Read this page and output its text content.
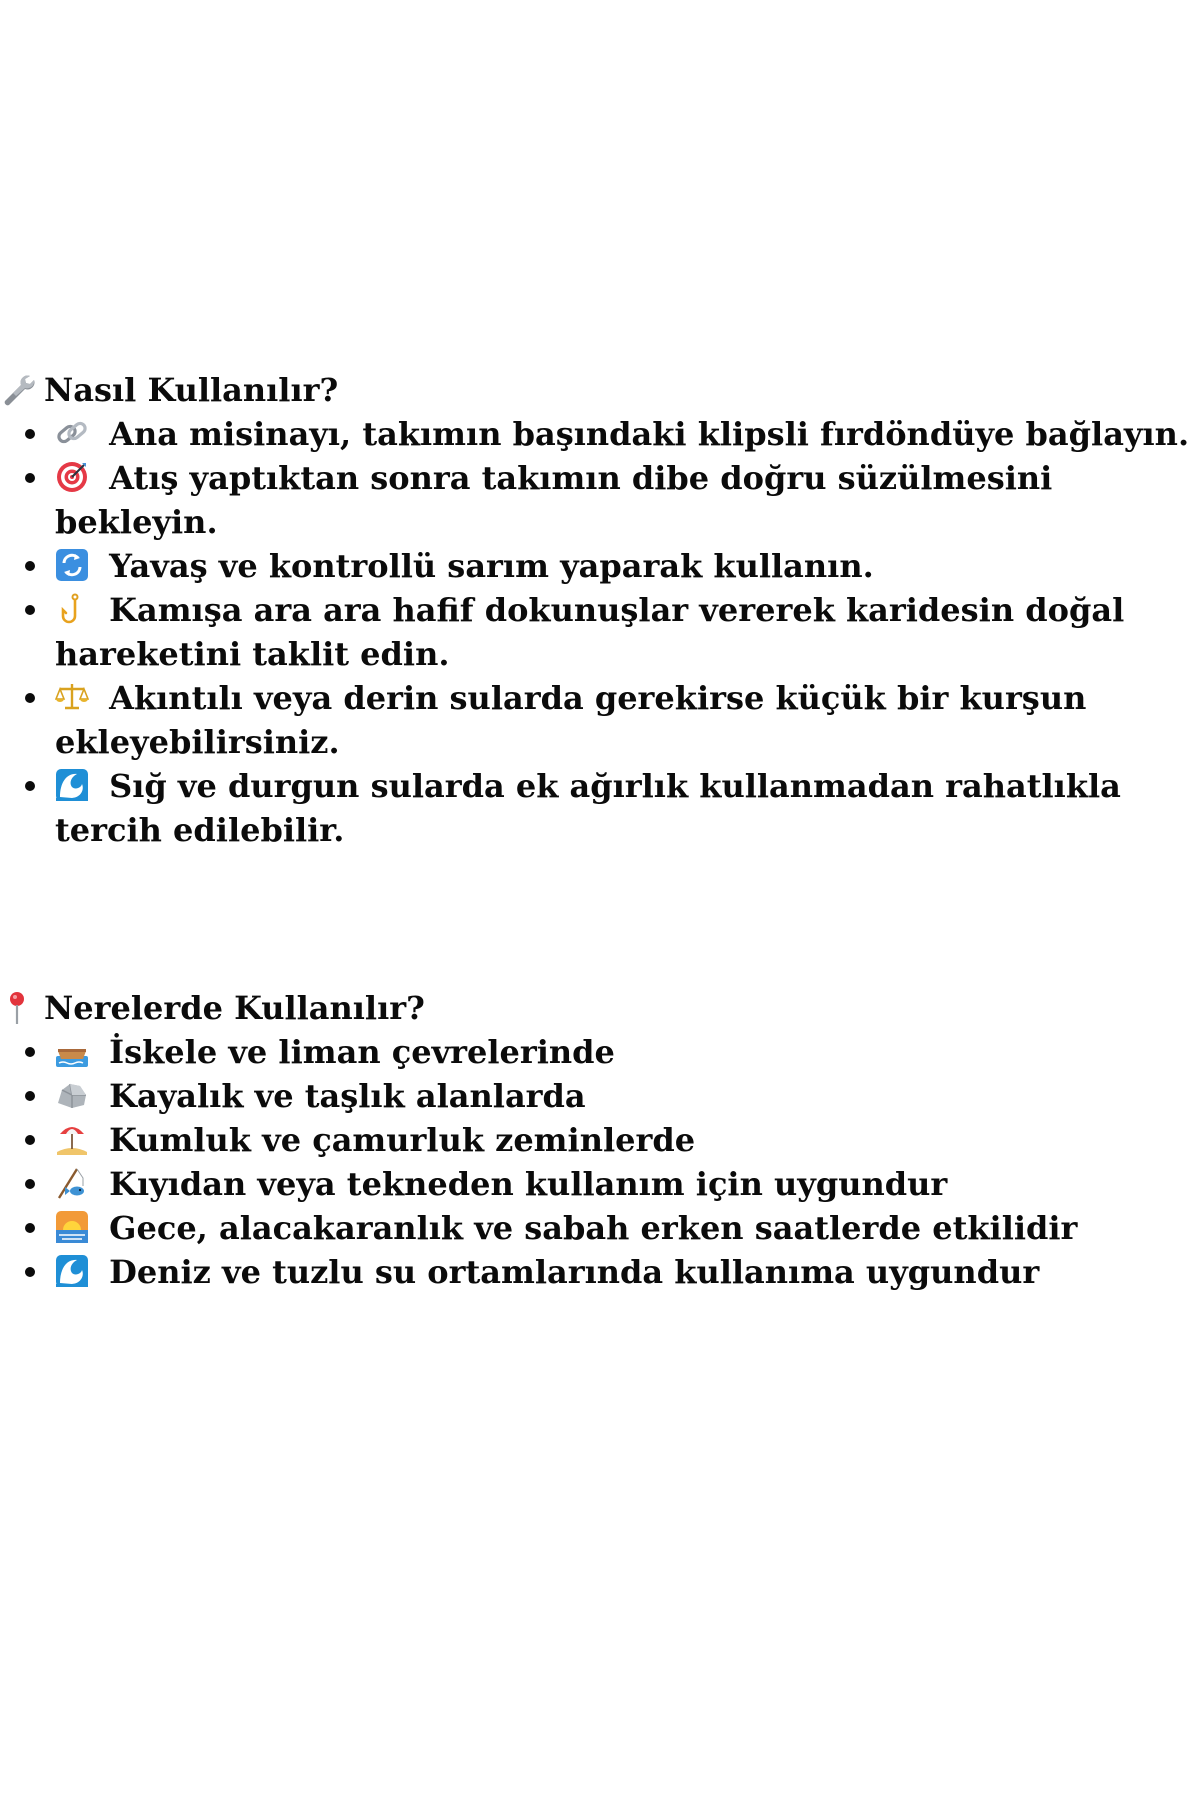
Nasıl Kullanılır?
Ana misinayı, takımın başındaki klipsli fırdöndüye bağlayın.
Atış yaptıktan sonra takımın dibe doğru süzülmesini bekleyin.
Yavaş ve kontrollü sarım yaparak kullanın.
Kamışa ara ara hafif dokunuşlar vererek karidesin doğal hareketini taklit edin.
Akıntılı veya derin sularda gerekirse küçük bir kurşun ekleyebilirsiniz.
Sığ ve durgun sularda ek ağırlık kullanmadan rahatlıkla tercih edilebilir.
Nerelerde Kullanılır?
İskele ve liman çevrelerinde
Kayalık ve taşlık alanlarda
Kumluk ve çamurluk zeminlerde
Kıyıdan veya tekneden kullanım için uygundur
Gece, alacakaranlık ve sabah erken saatlerde etkilidir
Deniz ve tuzlu su ortamlarında kullanıma uygundur
